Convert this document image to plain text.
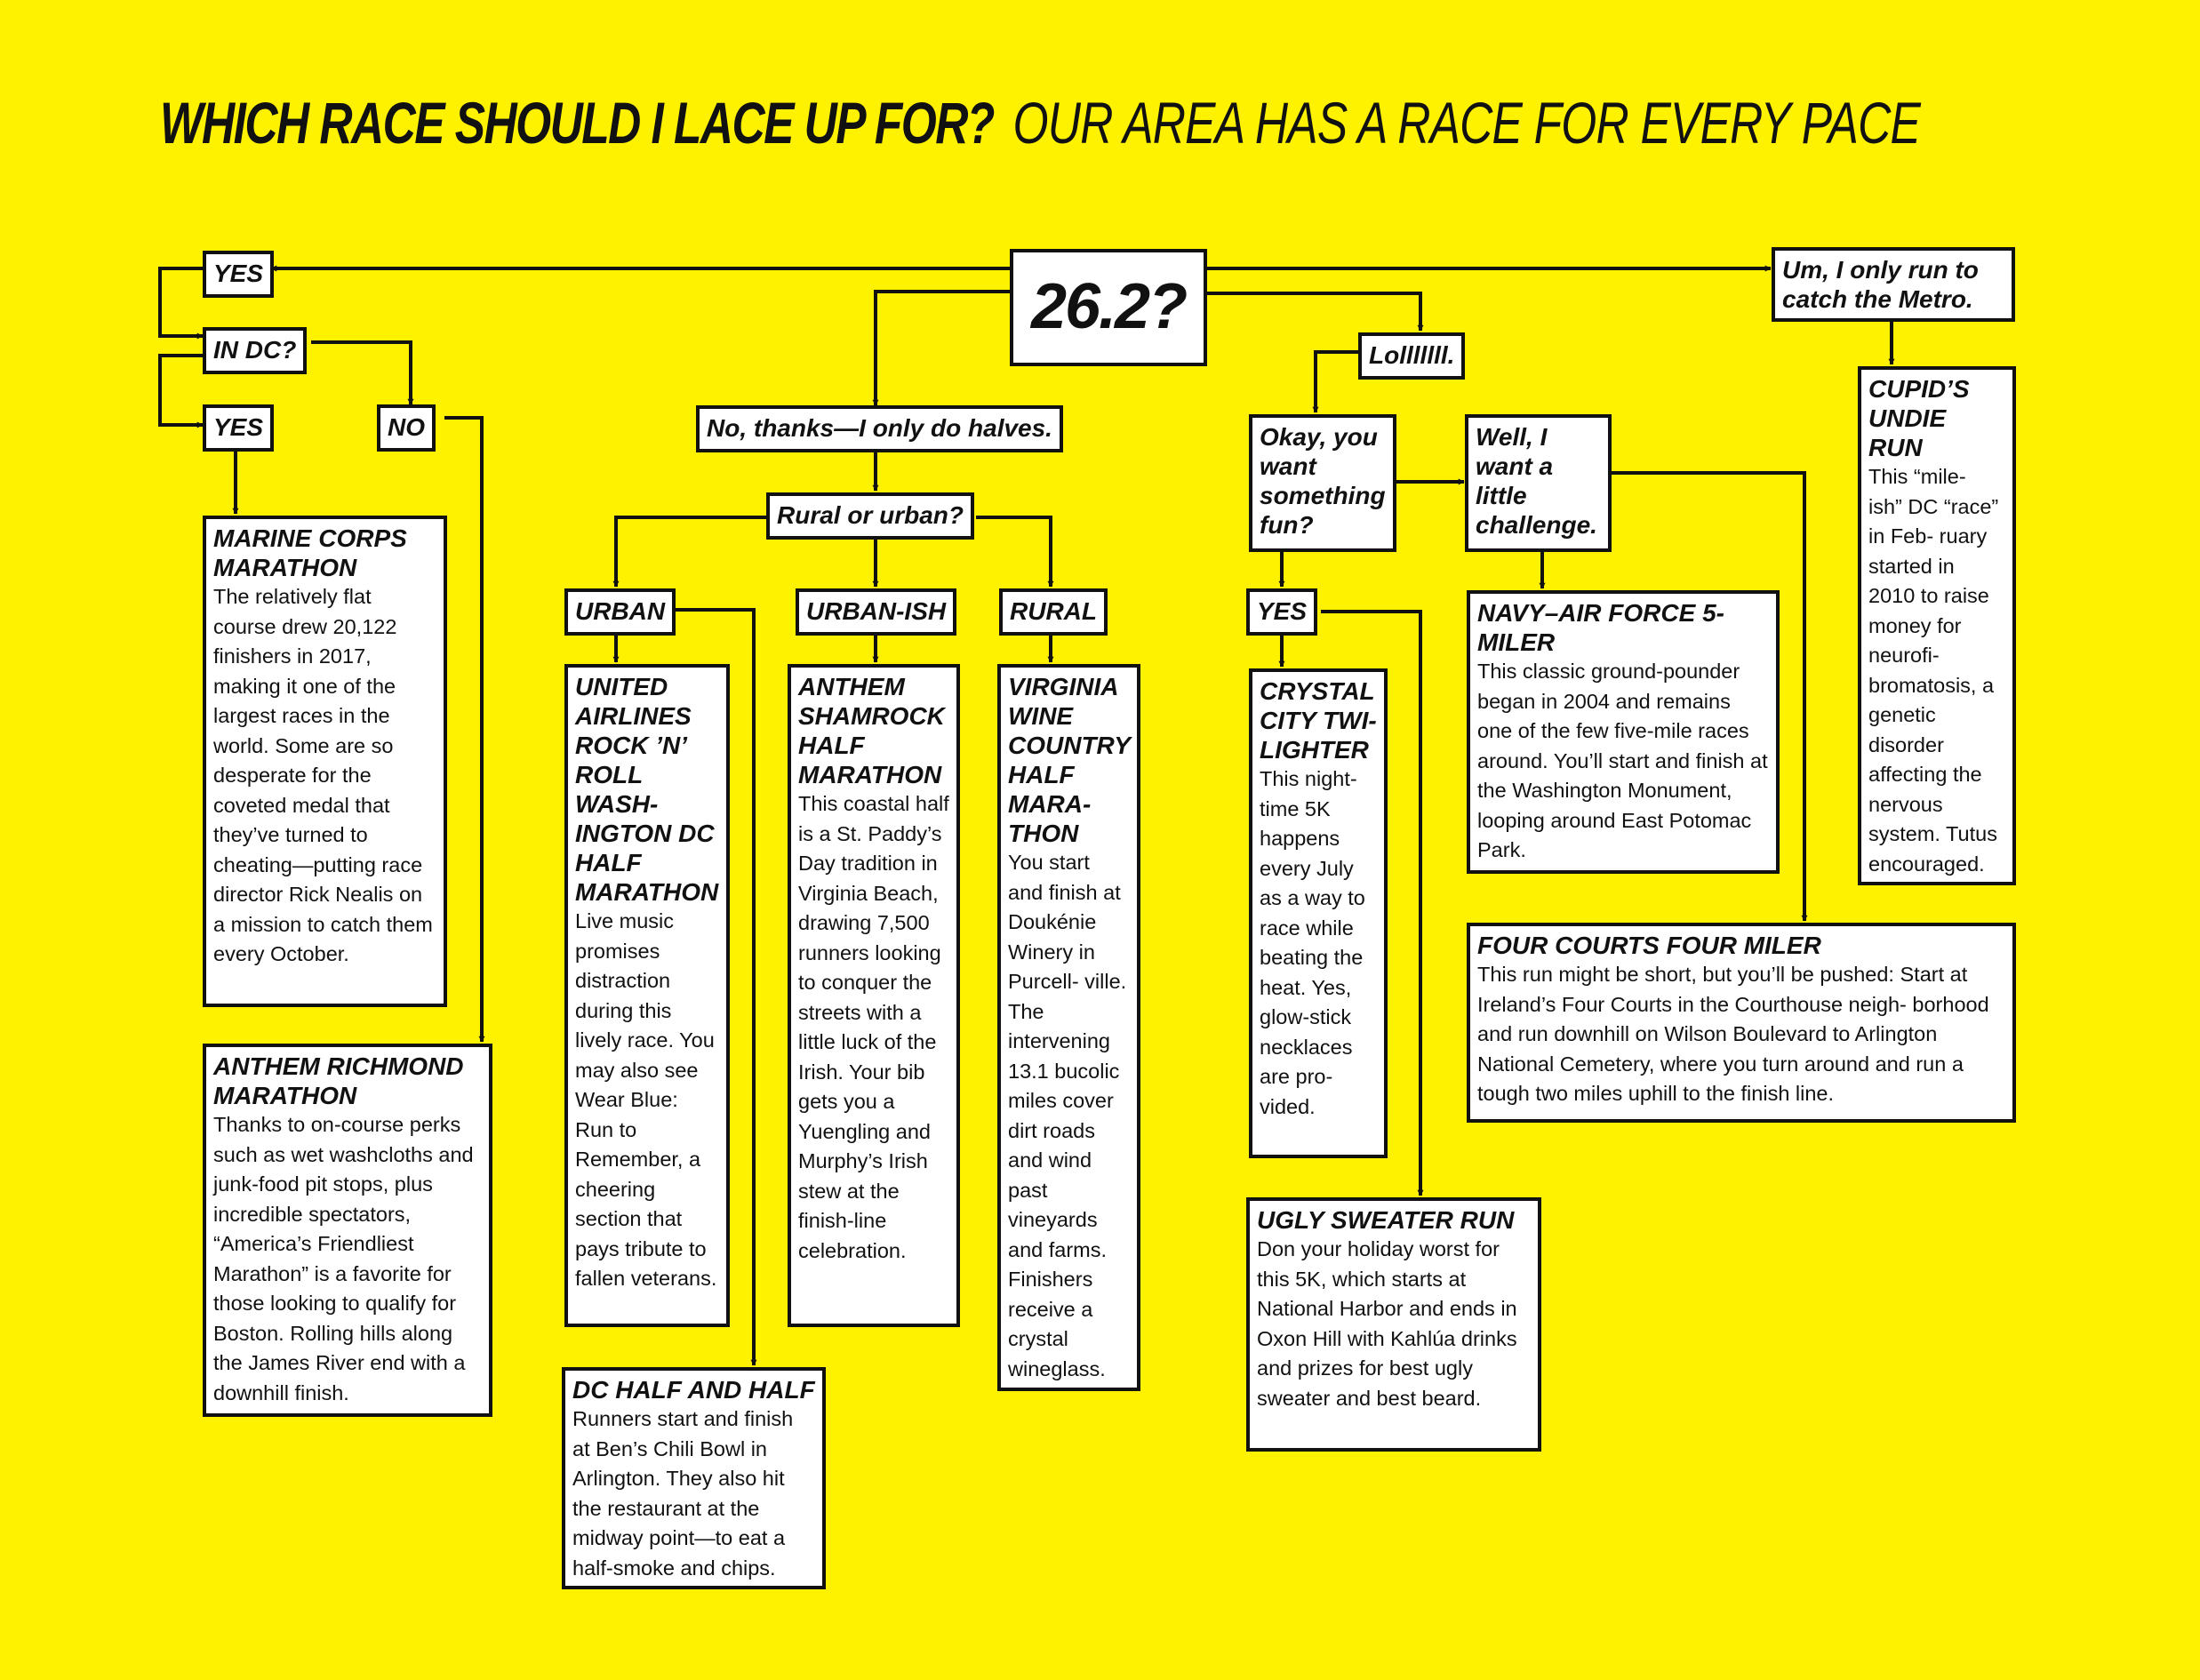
WHICH RACE SHOULD I LACE UP FOR? OUR AREA HAS A RACE FOR EVERY PACE
26.2?
YES
IN DC?
YES	NO	No, thanks—I only do halves.
Rural or urban?
URBAN	URBAN-ISH	RURAL
Lolllllll.
Okay, you want something fun?
Well, I want a little challenge.
YES
Um, I only run to catch the Metro.
MARINE CORPS MARATHON
The relatively flat course drew 20,122 finishers in 2017, making it one of the largest races in the world. Some are so desperate for the coveted medal that they’ve turned to cheating—putting race director Rick Nealis on a mission to catch them every October.
ANTHEM RICHMOND MARATHON
Thanks to on-course perks such as wet washcloths and junk-food pit stops, plus incredible spectators, “America’s Friendliest Marathon” is a favorite for those looking to qualify for Boston. Rolling hills along the James River end with a downhill finish.
UNITED AIRLINES ROCK ’N’ ROLL WASH- INGTON DC HALF MARATHON
Live music promises distraction during this lively race. You may also see Wear Blue: Run to Remember, a cheering section that pays tribute to fallen veterans.
DC HALF AND HALF
Runners start and finish at Ben’s Chili Bowl in Arlington. They also hit the restaurant at the midway point—to eat a half-smoke and chips.
ANTHEM SHAMROCK HALF MARATHON
This coastal half is a St. Paddy’s Day tradition in Virginia Beach, drawing 7,500 runners looking to conquer the streets with a little luck of the Irish. Your bib gets you a Yuengling and Murphy’s Irish stew at the finish-line celebration.
VIRGINIA WINE COUNTRY HALF MARA- THON
You start and finish at Doukénie Winery in Purcell- ville. The intervening 13.1 bucolic miles cover dirt roads and wind past vineyards and farms. Finishers receive a crystal wineglass.
CRYSTAL CITY TWI- LIGHTER
This night- time 5K happens every July as a way to race while beating the heat. Yes, glow-stick necklaces are pro- vided.
UGLY SWEATER RUN
Don your holiday worst for this 5K, which starts at National Harbor and ends in Oxon Hill with Kahlúa drinks and prizes for best ugly sweater and best beard.
NAVY–AIR FORCE 5-MILER
This classic ground-pounder began in 2004 and remains one of the few five-mile races around. You’ll start and finish at the Washington Monument, looping around East Potomac Park.
FOUR COURTS FOUR MILER
This run might be short, but you’ll be pushed: Start at Ireland’s Four Courts in the Courthouse neigh- borhood and run downhill on Wilson Boulevard to Arlington National Cemetery, where you turn around and run a tough two miles uphill to the finish line.
CUPID’S UNDIE RUN
This “mile- ish” DC “race” in Feb- ruary started in 2010 to raise money for neurofi- bromatosis, a genetic disorder affecting the nervous system. Tutus encouraged.
